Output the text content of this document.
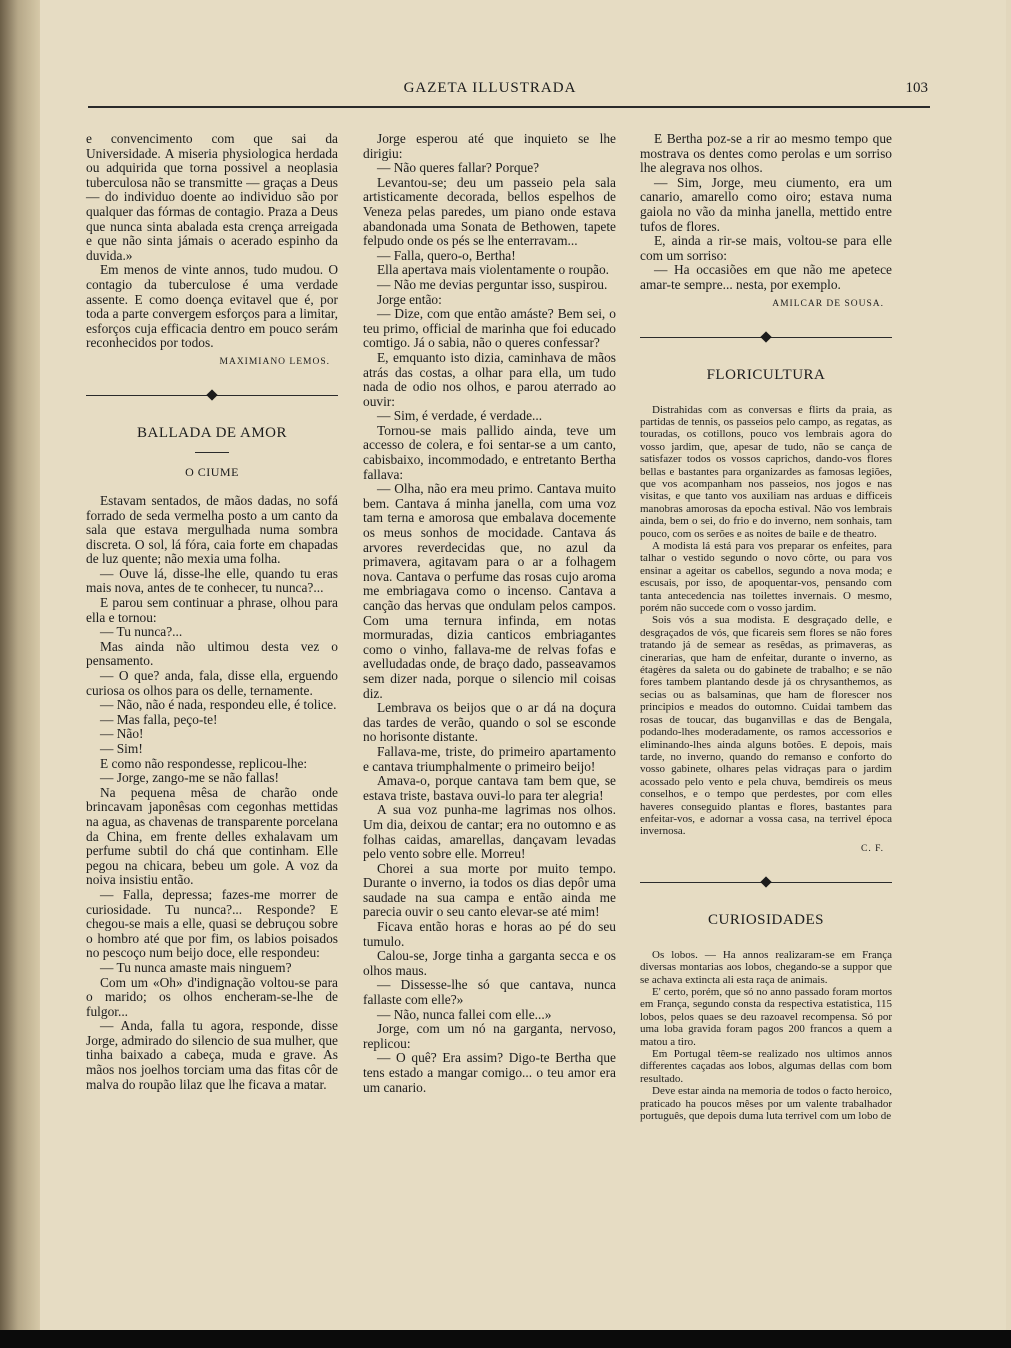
GAZETA ILLUSTRADA	103

e convencimento com que sai da Universidade. A miseria physiologica herdada ou adquirida que torna possivel a neoplasia tuberculosa não se transmitte — graças a Deus — do individuo doente ao individuo são por qualquer das fórmas de contagio. Praza a Deus que nunca sinta abalada esta crença arreigada e que não sinta jámais o acerado espinho da duvida.»

Em menos de vinte annos, tudo mudou. O contagio da tuberculose é uma verdade assente. E como doença evitavel que é, por toda a parte convergem esforços para a limitar, esforços cuja efficacia dentro em pouco serám reconhecidos por todos.

MAXIMIANO LEMOS.

BALLADA DE AMOR

O CIUME

Estavam sentados, de mãos dadas, no sofá forrado de seda vermelha posto a um canto da sala que estava mergulhada numa sombra discreta. O sol, lá fóra, caia forte em chapadas de luz quente; não mexia uma folha.

— Ouve lá, disse-lhe elle, quando tu eras mais nova, antes de te conhecer, tu nunca?...

E parou sem continuar a phrase, olhou para ella e tornou:

— Tu nunca?...

Mas ainda não ultimou desta vez o pensamento.

— O que? anda, fala, disse ella, erguendo curiosa os olhos para os delle, ternamente.

— Não, não é nada, respondeu elle, é tolice.

— Mas falla, peço-te!

— Não!

— Sim!

E como não respondesse, replicou-lhe:

— Jorge, zango-me se não fallas!

Na pequena mêsa de charão onde brincavam japonêsas com cegonhas mettidas na agua, as chavenas de transparente porcelana da China, em frente delles exhalavam um perfume subtil do chá que continham. Elle pegou na chicara, bebeu um gole. A voz da noiva insistiu então.

— Falla, depressa; fazes-me morrer de curiosidade. Tu nunca?... Responde? E chegou-se mais a elle, quasi se debruçou sobre o hombro até que por fim, os labios poisados no pescoço num beijo doce, elle respondeu:

— Tu nunca amaste mais ninguem?

Com um «Oh» d'indignação voltou-se para o marido; os olhos encheram-se-lhe de fulgor...

— Anda, falla tu agora, responde, disse Jorge, admirado do silencio de sua mulher, que tinha baixado a cabeça, muda e grave. As mãos nos joelhos torciam uma das fitas côr de malva do roupão lilaz que lhe ficava a matar.

Jorge esperou até que inquieto se lhe dirigiu:

— Não queres fallar? Porque?

Levantou-se; deu um passeio pela sala artisticamente decorada, bellos espelhos de Veneza pelas paredes, um piano onde estava abandonada uma Sonata de Bethowen, tapete felpudo onde os pés se lhe enterravam...

— Falla, quero-o, Bertha!

Ella apertava mais violentamente o roupão.

— Não me devias perguntar isso, suspirou.

Jorge então:

— Dize, com que então amáste? Bem sei, o teu primo, official de marinha que foi educado comtigo. Já o sabia, não o queres confessar?

E, emquanto isto dizia, caminhava de mãos atrás das costas, a olhar para ella, um tudo nada de odio nos olhos, e parou aterrado ao ouvir:

— Sim, é verdade, é verdade...

Tornou-se mais pallido ainda, teve um accesso de colera, e foi sentar-se a um canto, cabisbaixo, incommodado, e entretanto Bertha fallava:

— Olha, não era meu primo. Cantava muito bem. Cantava á minha janella, com uma voz tam terna e amorosa que embalava docemente os meus sonhos de mocidade. Cantava ás arvores reverdecidas que, no azul da primavera, agitavam para o ar a folhagem nova. Cantava o perfume das rosas cujo aroma me embriagava como o incenso. Cantava a canção das hervas que ondulam pelos campos. Com uma ternura infinda, em notas mormuradas, dizia canticos embriagantes como o vinho, fallava-me de relvas fofas e avelludadas onde, de braço dado, passeavamos sem dizer nada, porque o silencio mil coisas diz.

Lembrava os beijos que o ar dá na doçura das tardes de verão, quando o sol se esconde no horisonte distante.

Fallava-me, triste, do primeiro apartamento e cantava triumphalmente o primeiro beijo!

Amava-o, porque cantava tam bem que, se estava triste, bastava ouvi-lo para ter alegria!

A sua voz punha-me lagrimas nos olhos. Um dia, deixou de cantar; era no outomno e as folhas caidas, amarellas, dançavam levadas pelo vento sobre elle. Morreu!

Chorei a sua morte por muito tempo. Durante o inverno, ia todos os dias depôr uma saudade na sua campa e então ainda me parecia ouvir o seu canto elevar-se até mim!

Ficava então horas e horas ao pé do seu tumulo.

Calou-se, Jorge tinha a garganta secca e os olhos maus.

— Dissesse-lhe só que cantava, nunca fallaste com elle?»

— Não, nunca fallei com elle...»

Jorge, com um nó na garganta, nervoso, replicou:

— O quê? Era assim? Digo-te Bertha que tens estado a mangar comigo... o teu amor era um canario.

E Bertha poz-se a rir ao mesmo tempo que mostrava os dentes como perolas e um sorriso lhe alegrava nos olhos.

— Sim, Jorge, meu ciumento, era um canario, amarello como oiro; estava numa gaiola no vão da minha janella, mettido entre tufos de flores.

E, ainda a rir-se mais, voltou-se para elle com um sorriso:

— Ha occasiões em que não me apetece amar-te sempre... nesta, por exemplo.

AMILCAR DE SOUSA.

FLORICULTURA

Distrahidas com as conversas e flirts da praia, as partidas de tennis, os passeios pelo campo, as regatas, as touradas, os cotillons, pouco vos lembrais agora do vosso jardim, que, apesar de tudo, não se cança de satisfazer todos os vossos caprichos, dando-vos flores bellas e bastantes para organizardes as famosas legiões, que vos acompanham nos passeios, nos jogos e nas visitas, e que tanto vos auxiliam nas arduas e difficeis manobras amorosas da epocha estival. Não vos lembrais ainda, bem o sei, do frio e do inverno, nem sonhais, tam pouco, com os serões e as noites de baile e de theatro.

A modista lá está para vos preparar os enfeites, para talhar o vestido segundo o novo côrte, ou para vos ensinar a ageitar os cabellos, segundo a nova moda; e escusais, por isso, de apoquentar-vos, pensando com tanta antecedencia nas toilettes invernais. O mesmo, porém não succede com o vosso jardim.

Sois vós a sua modista. E desgraçado delle, e desgraçados de vós, que ficareis sem flores se não fores tratando já de semear as resêdas, as primaveras, as cinerarias, que ham de enfeitar, durante o inverno, as étagères da saleta ou do gabinete de trabalho; e se não fores tambem plantando desde já os chrysanthemos, as secias ou as balsaminas, que ham de florescer nos principios e meados do outomno. Cuidai tambem das rosas de toucar, das buganvillas e das de Bengala, podando-lhes moderadamente, os ramos accessorios e eliminando-lhes ainda alguns botões. E depois, mais tarde, no inverno, quando do remanso e conforto do vosso gabinete, olhares pelas vidraças para o jardim acossado pelo vento e pela chuva, bemdireis os meus conselhos, e o tempo que perdestes, por com elles haveres conseguido plantas e flores, bastantes para enfeitar-vos, e adornar a vossa casa, na terrivel época invernosa.

C. F.

CURIOSIDADES

Os lobos. — Ha annos realizaram-se em França diversas montarias aos lobos, chegando-se a suppor que se achava extincta ali esta raça de animais.

E' certo, porém, que só no anno passado foram mortos em França, segundo consta da respectiva estatistica, 115 lobos, pelos quaes se deu razoavel recompensa. Só por uma loba gravida foram pagos 200 francos a quem a matou a tiro.

Em Portugal têem-se realizado nos ultimos annos differentes caçadas aos lobos, algumas dellas com bom resultado.

Deve estar ainda na memoria de todos o facto heroico, praticado ha poucos mêses por um valente trabalhador português, que depois duma luta terrivel com um lobo de
